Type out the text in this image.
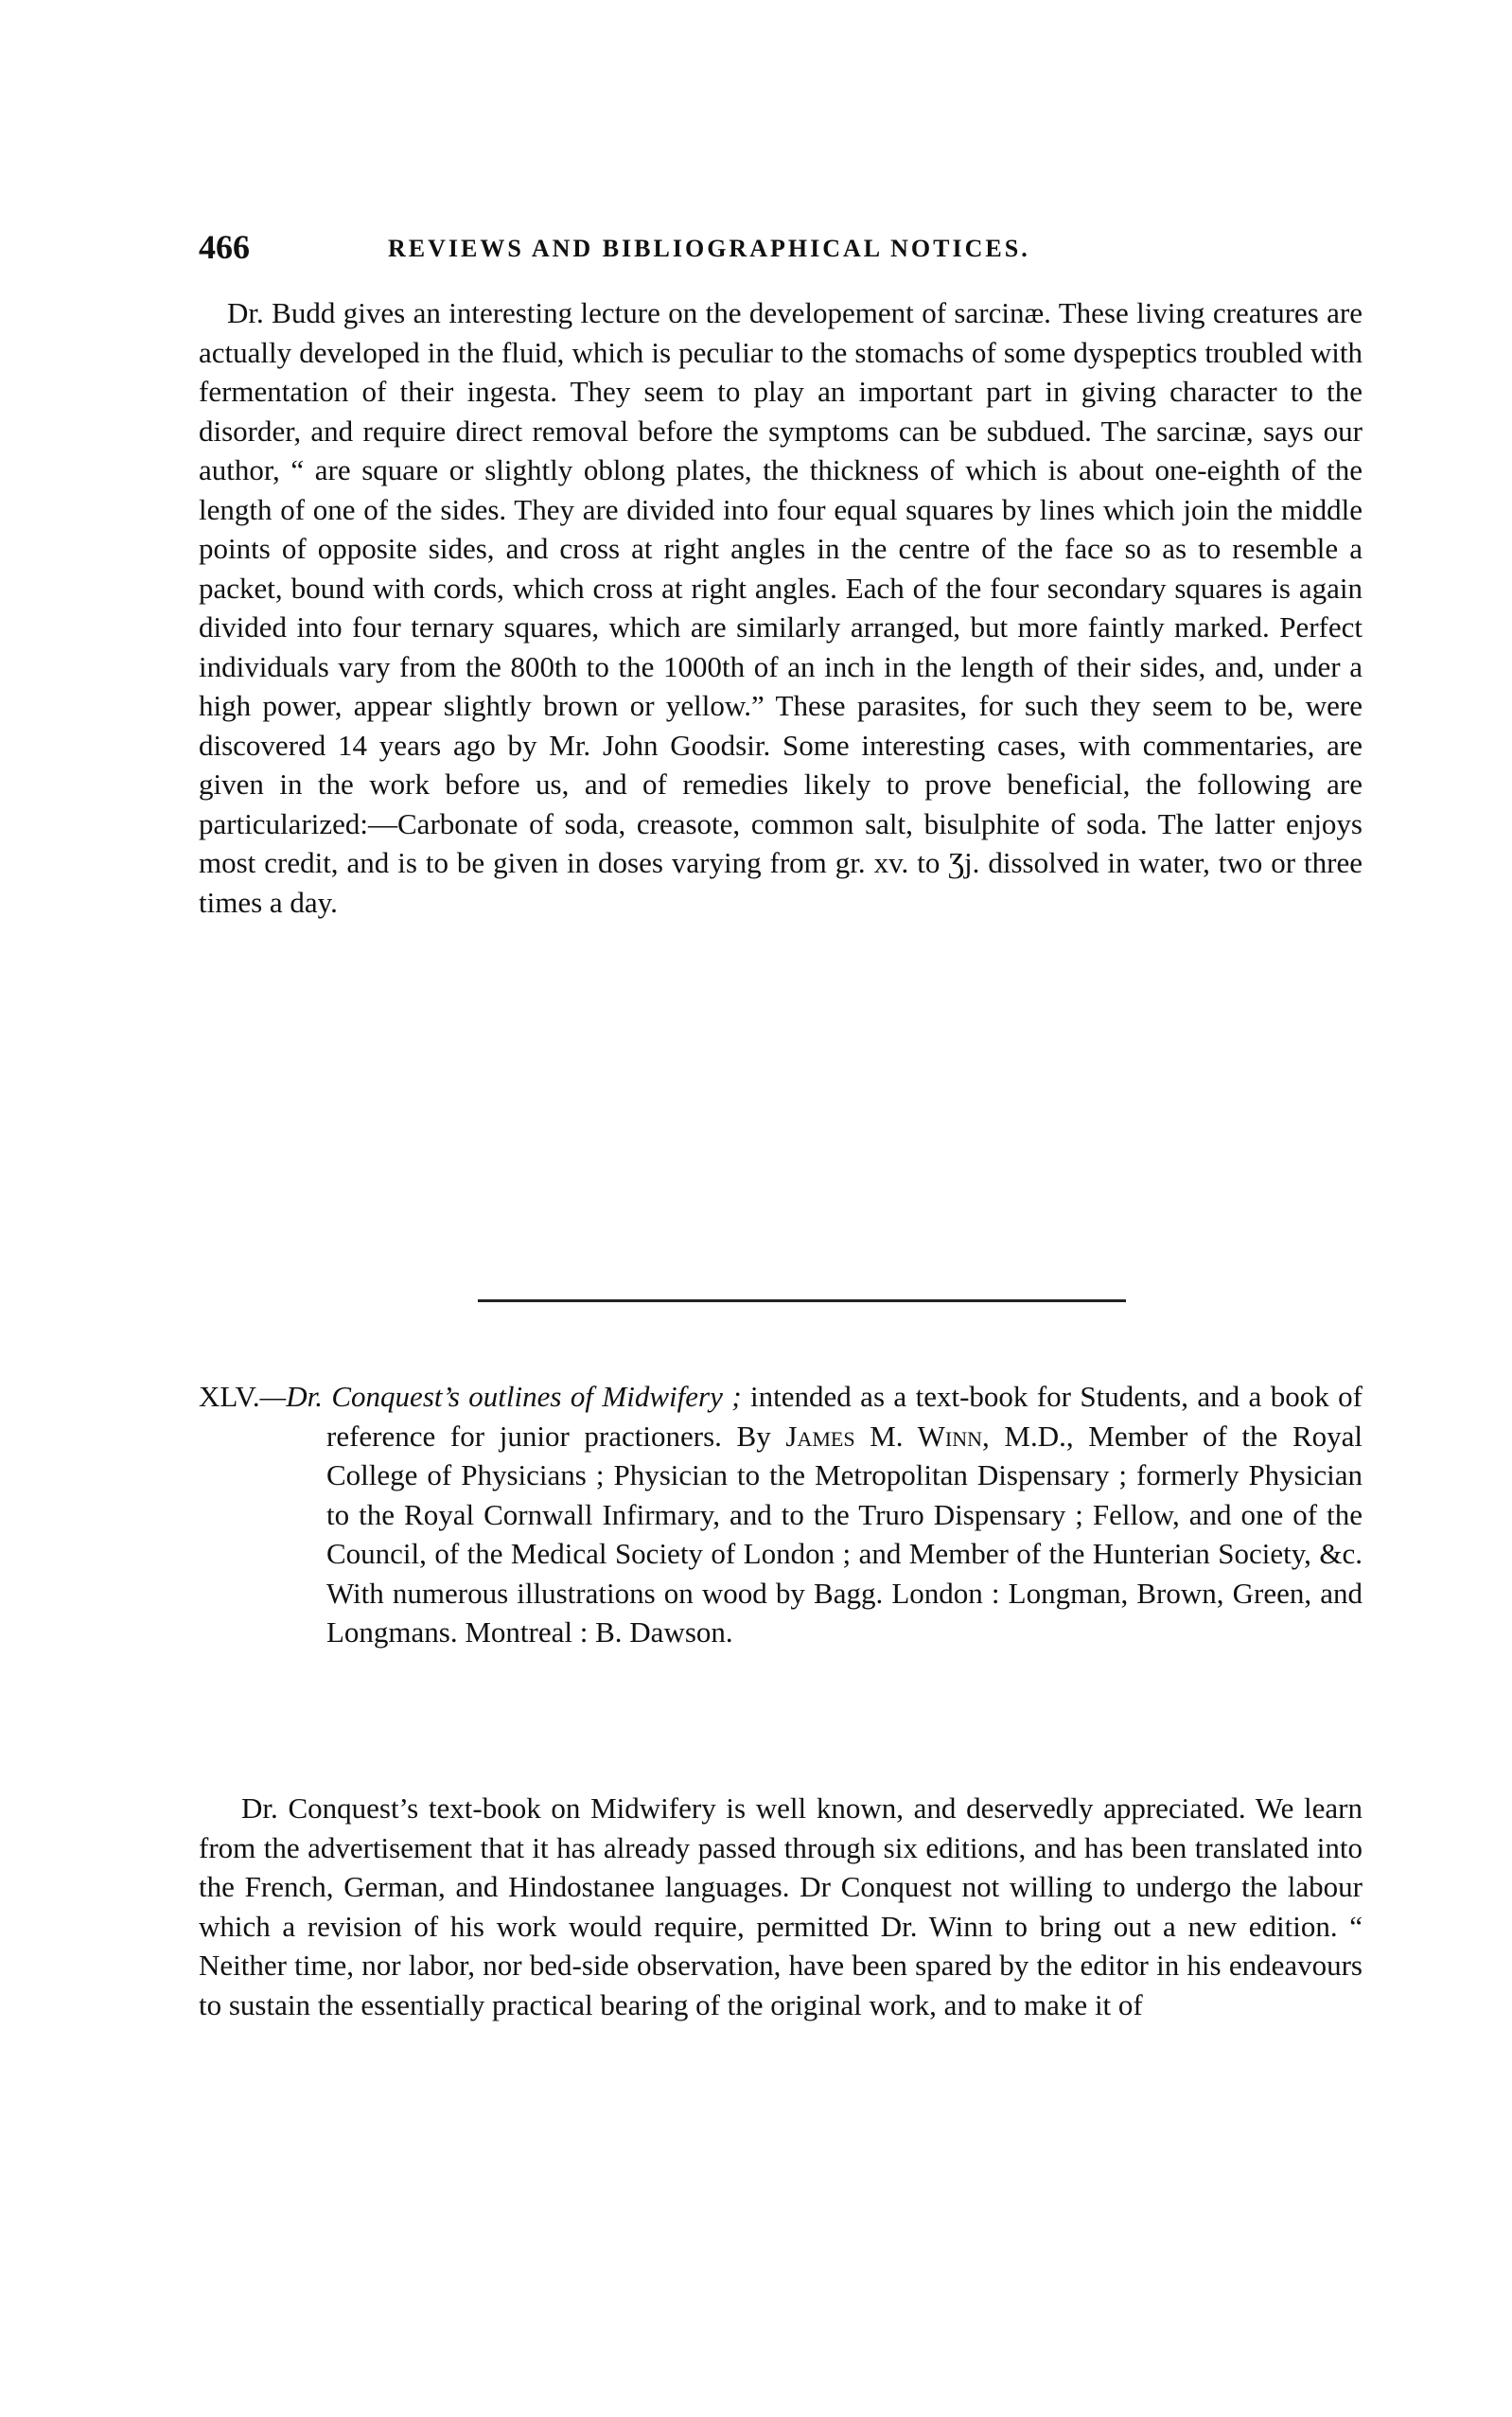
466	REVIEWS AND BIBLIOGRAPHICAL NOTICES.

Dr. Budd gives an interesting lecture on the developement of sarcinæ. These living creatures are actually developed in the fluid, which is peculiar to the stomachs of some dyspeptics troubled with fermentation of their ingesta. They seem to play an important part in giving character to the disorder, and require direct removal before the symptoms can be subdued. The sarcinæ, says our author, “ are square or slightly oblong plates, the thickness of which is about one-eighth of the length of one of the sides. They are divided into four equal squares by lines which join the middle points of opposite sides, and cross at right angles in the centre of the face so as to resemble a packet, bound with cords, which cross at right angles. Each of the four secondary squares is again divided into four ternary squares, which are similarly arranged, but more faintly marked. Perfect individuals vary from the 800th to the 1000th of an inch in the length of their sides, and, under a high power, appear slightly brown or yellow.” These parasites, for such they seem to be, were discovered 14 years ago by Mr. John Goodsir. Some interesting cases, with commentaries, are given in the work before us, and of remedies likely to prove beneficial, the following are particularized:—Carbonate of soda, creasote, common salt, bisulphite of soda. The latter enjoys most credit, and is to be given in doses varying from gr. xv. to Ʒj. dissolved in water, two or three times a day.

XLV.—Dr. Conquest’s outlines of Midwifery ; intended as a text-book for Students, and a book of reference for junior practioners. By James M. Winn, M.D., Member of the Royal College of Physicians ; Physician to the Metropolitan Dispensary ; formerly Physician to the Royal Cornwall Infirmary, and to the Truro Dispensary ; Fellow, and one of the Council, of the Medical Society of London ; and Member of the Hunterian Society, &c. With numerous illustrations on wood by Bagg. London : Longman, Brown, Green, and Longmans. Montreal : B. Dawson.

Dr. Conquest’s text-book on Midwifery is well known, and deservedly appreciated. We learn from the advertisement that it has already passed through six editions, and has been translated into the French, German, and Hindostanee languages. Dr Conquest not willing to undergo the labour which a revision of his work would require, permitted Dr. Winn to bring out a new edition. “ Neither time, nor labor, nor bed-side observation, have been spared by the editor in his endeavours to sustain the essentially practical bearing of the original work, and to make it of
